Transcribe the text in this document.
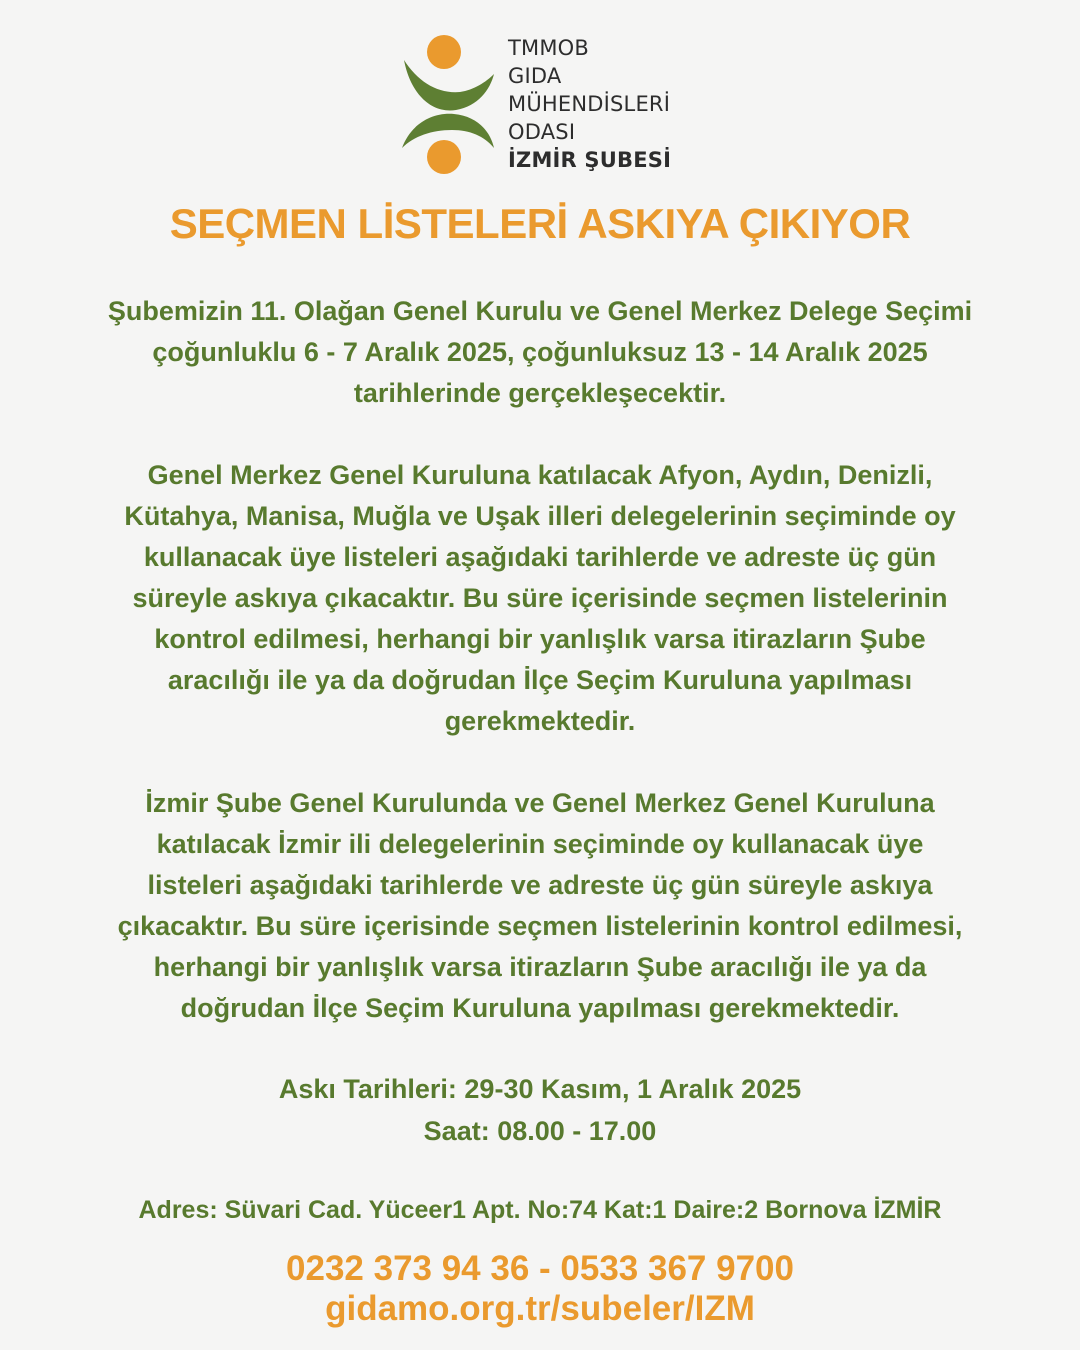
TMMOB
GIDA
MÜHENDİSLERİ
ODASI
İZMİR ŞUBESİ
SEÇMEN LİSTELERİ ASKIYA ÇIKIYOR
Şubemizin 11. Olağan Genel Kurulu ve Genel Merkez Delege Seçimi
çoğunluklu 6 - 7 Aralık 2025, çoğunluksuz 13 - 14 Aralık 2025
tarihlerinde gerçekleşecektir.
Genel Merkez Genel Kuruluna katılacak Afyon, Aydın, Denizli,
Kütahya, Manisa, Muğla ve Uşak illeri delegelerinin seçiminde oy
kullanacak üye listeleri aşağıdaki tarihlerde ve adreste üç gün
süreyle askıya çıkacaktır. Bu süre içerisinde seçmen listelerinin
kontrol edilmesi, herhangi bir yanlışlık varsa itirazların Şube
aracılığı ile ya da doğrudan İlçe Seçim Kuruluna yapılması
gerekmektedir.
İzmir Şube Genel Kurulunda ve Genel Merkez Genel Kuruluna
katılacak İzmir ili delegelerinin seçiminde oy kullanacak üye
listeleri aşağıdaki tarihlerde ve adreste üç gün süreyle askıya
çıkacaktır. Bu süre içerisinde seçmen listelerinin kontrol edilmesi,
herhangi bir yanlışlık varsa itirazların Şube aracılığı ile ya da
doğrudan İlçe Seçim Kuruluna yapılması gerekmektedir.
Askı Tarihleri: 29-30 Kasım, 1 Aralık 2025
Saat: 08.00 - 17.00
Adres: Süvari Cad. Yüceer1 Apt. No:74 Kat:1 Daire:2 Bornova İZMİR
0232 373 94 36 - 0533 367 9700
gidamo.org.tr/subeler/IZM
